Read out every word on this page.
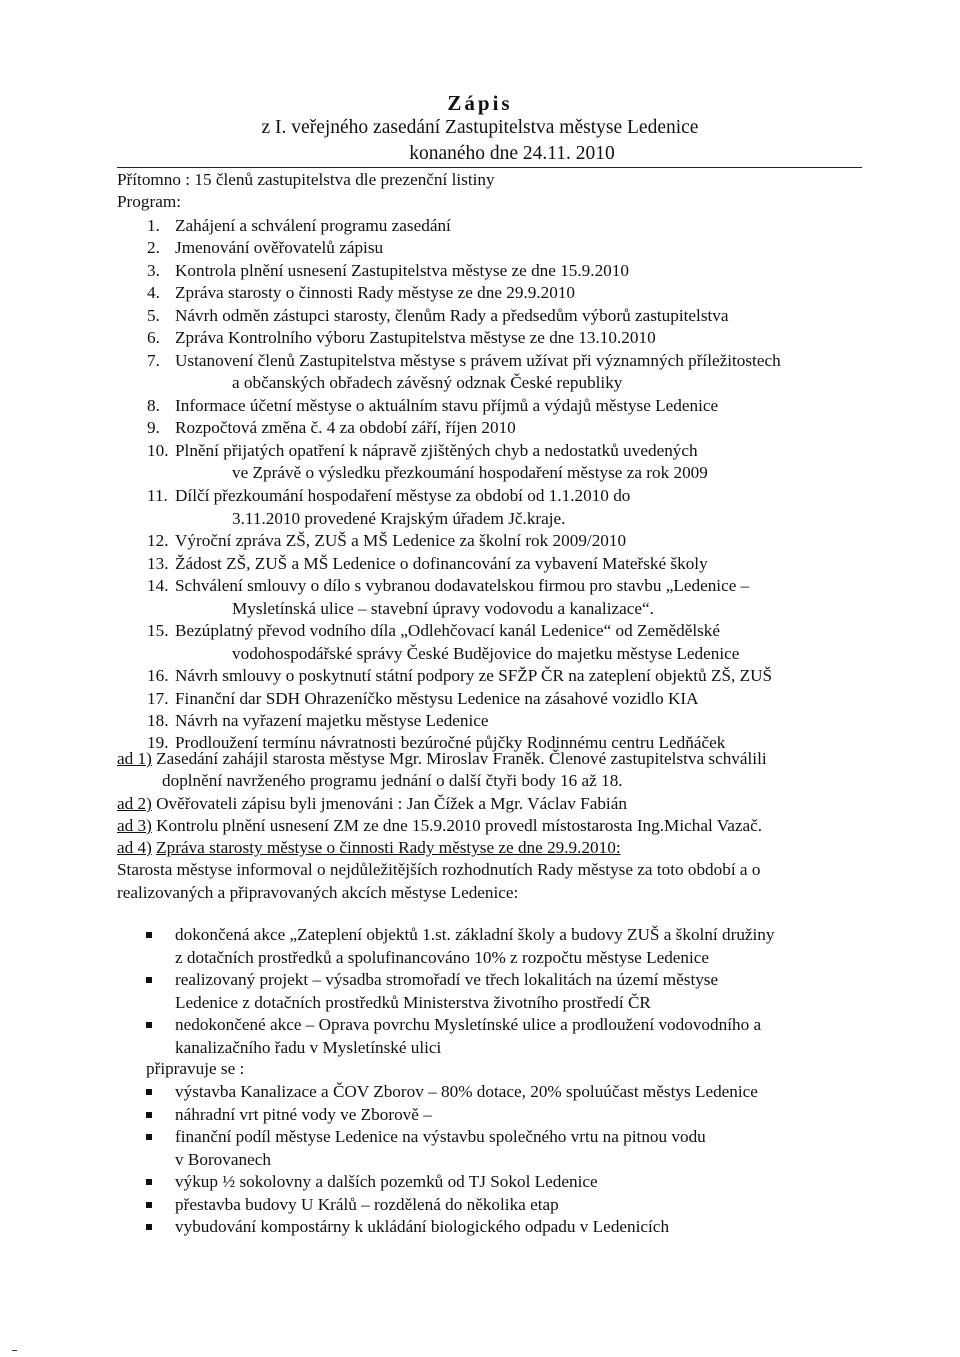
Zápis
z I. veřejného zasedání Zastupitelstva městyse Ledenice
konaného dne 24.11. 2010
Přítomno : 15 členů zastupitelstva dle prezenční listiny
Program:
1. Zahájení a schválení programu zasedání
2. Jmenování ověřovatelů zápisu
3. Kontrola plnění usnesení Zastupitelstva městyse ze dne 15.9.2010
4. Zpráva starosty o činnosti Rady městyse ze dne 29.9.2010
5. Návrh odměn zástupci starosty, členům Rady a předsedům výborů zastupitelstva
6. Zpráva Kontrolního výboru Zastupitelstva městyse ze dne 13.10.2010
7. Ustanovení členů Zastupitelstva městyse s právem užívat při významných příležitostech
a občanských obřadech závěsný odznak České republiky
8. Informace účetní městyse o aktuálním stavu příjmů a výdajů městyse Ledenice
9. Rozpočtová změna č. 4 za období září, říjen 2010
10. Plnění přijatých opatření k nápravě zjištěných chyb a nedostatků uvedených
ve Zprávě o výsledku přezkoumání hospodaření městyse za rok 2009
11. Dílčí přezkoumání hospodaření městyse za období od 1.1.2010 do
3.11.2010 provedené Krajským úřadem Jč.kraje.
12. Výroční zpráva ZŠ, ZUŠ a MŠ Ledenice za školní rok 2009/2010
13. Žádost ZŠ, ZUŠ a MŠ Ledenice o dofinancování za vybavení Mateřské školy
14. Schválení smlouvy o dílo s vybranou dodavatelskou firmou pro stavbu „Ledenice –
Mysletínská ulice – stavební úpravy vodovodu a kanalizace“.
15. Bezúplatný převod vodního díla „Odlehčovací kanál Ledenice“ od Zemědělské
vodohospodářské správy České Budějovice do majetku městyse Ledenice
16. Návrh smlouvy o poskytnutí státní podpory ze SFŽP ČR na zateplení objektů ZŠ, ZUŠ
17. Finanční dar SDH Ohrazeníčko městysu Ledenice na zásahové vozidlo KIA
18. Návrh na vyřazení majetku městyse Ledenice
19. Prodloužení termínu návratnosti bezúročné půjčky Rodinnému centru Ledňáček
ad 1) Zasedání zahájil starosta městyse Mgr. Miroslav Franěk. Členové zastupitelstva schválili
doplnění navrženého programu jednání o další čtyři body 16 až 18.
ad 2) Ověřovateli zápisu byli jmenováni : Jan Čížek a Mgr. Václav Fabián
ad 3) Kontrolu plnění usnesení ZM ze dne 15.9.2010 provedl místostarosta Ing.Michal Vazač.
ad 4) Zpráva starosty městyse o činnosti Rady městyse ze dne 29.9.2010:
Starosta městyse informoval o nejdůležitějších rozhodnutích Rady městyse za toto období a o
realizovaných a připravovaných akcích městyse Ledenice:
dokončená akce „Zateplení objektů 1.st. základní školy a budovy ZUŠ a školní družiny
z dotačních prostředků a spolufinancováno 10% z rozpočtu městyse Ledenice
realizovaný projekt – výsadba stromořadí ve třech lokalitách na území městyse
Ledenice z dotačních prostředků Ministerstva životního prostředí ČR
nedokončené akce – Oprava povrchu Mysletínské ulice a prodloužení vodovodního a
kanalizačního řadu v Mysletínské ulici
připravuje se :
výstavba Kanalizace a ČOV Zborov – 80% dotace, 20% spoluúčast městys Ledenice
náhradní vrt pitné vody ve Zborově –
finanční podíl městyse Ledenice na výstavbu společného vrtu na pitnou vodu
v Borovanech
výkup ½ sokolovny a dalších pozemků od TJ Sokol Ledenice
přestavba budovy U Králů – rozdělená do několika etap
vybudování kompostárny k ukládání biologického odpadu v Ledenicích
